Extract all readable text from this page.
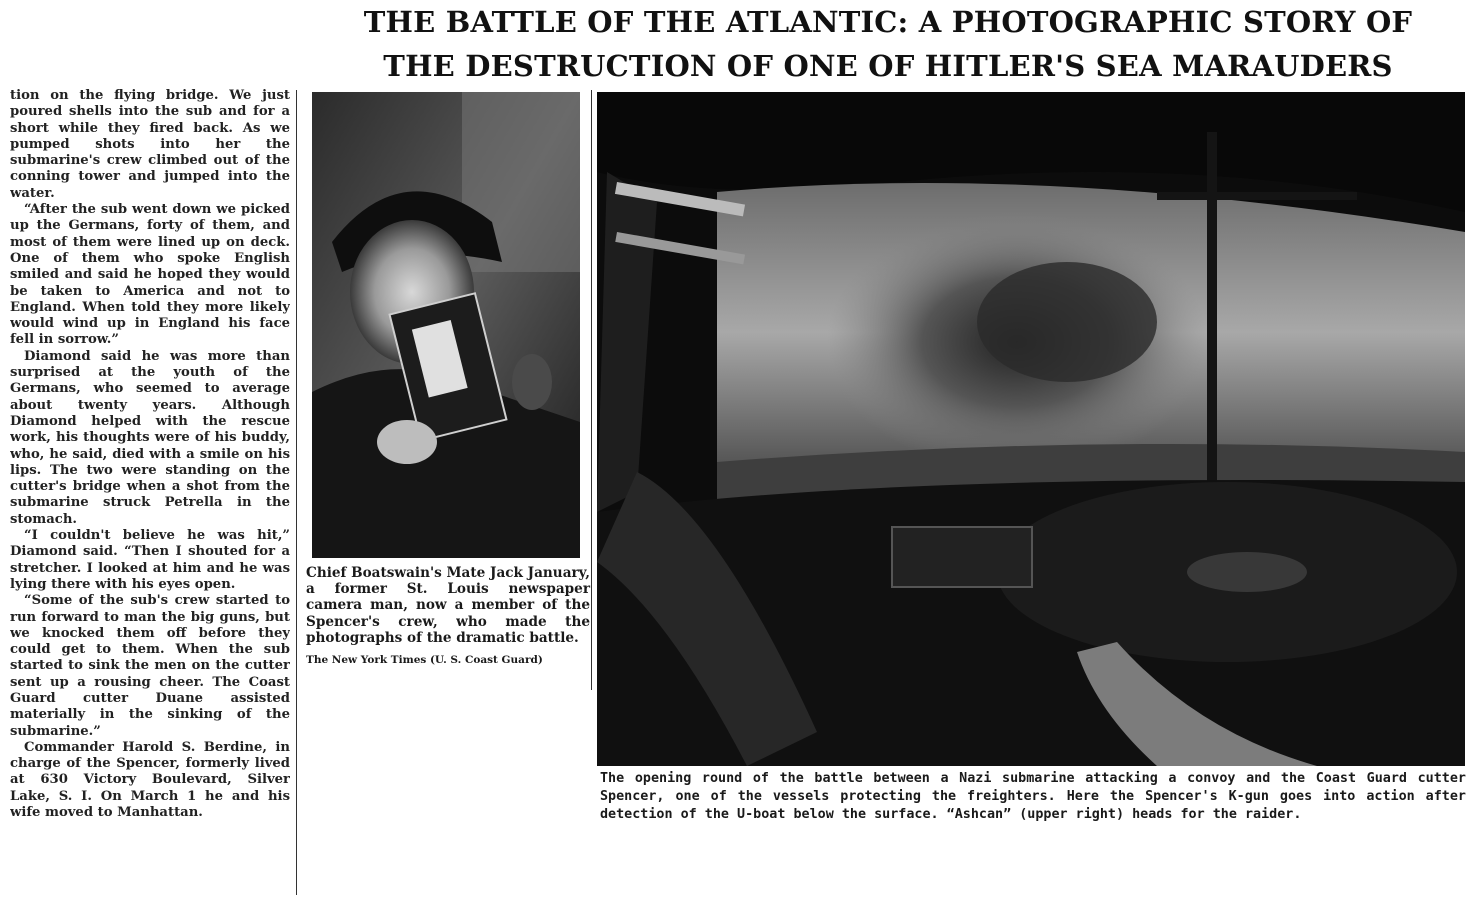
THE BATTLE OF THE ATLANTIC: A PHOTOGRAPHIC STORY OF
THE DESTRUCTION OF ONE OF HITLER'S SEA MARAUDERS

tion on the flying bridge. We just poured shells into the sub and for a short while they fired back. As we pumped shots into her the submarine's crew climbed out of the conning tower and jumped into the water.

“After the sub went down we picked up the Germans, forty of them, and most of them were lined up on deck. One of them who spoke English smiled and said he hoped they would be taken to America and not to England. When told they more likely would wind up in England his face fell in sorrow.”

Diamond said he was more than surprised at the youth of the Germans, who seemed to average about twenty years. Although Diamond helped with the rescue work, his thoughts were of his buddy, who, he said, died with a smile on his lips. The two were standing on the cutter's bridge when a shot from the submarine struck Petrella in the stomach.

“I couldn't believe he was hit,” Diamond said. “Then I shouted for a stretcher. I looked at him and he was lying there with his eyes open.

“Some of the sub's crew started to run forward to man the big guns, but we knocked them off before they could get to them. When the sub started to sink the men on the cutter sent up a rousing cheer. The Coast Guard cutter Duane assisted materially in the sinking of the submarine.”

Commander Harold S. Berdine, in charge of the Spencer, formerly lived at 630 Victory Boulevard, Silver Lake, S. I. On March 1 he and his wife moved to Manhattan.

Chief Boatswain's Mate Jack January, a former St. Louis newspaper camera man, now a member of the Spencer's crew, who made the photographs of the dramatic battle.
The New York Times (U. S. Coast Guard)
The opening round of the battle between a Nazi submarine attacking a convoy and the Coast Guard cutter Spencer, one of the vessels protecting the freighters. Here the Spencer's K-gun goes into action after detection of the U-boat below the surface. “Ashcan” (upper right) heads for the raider.
